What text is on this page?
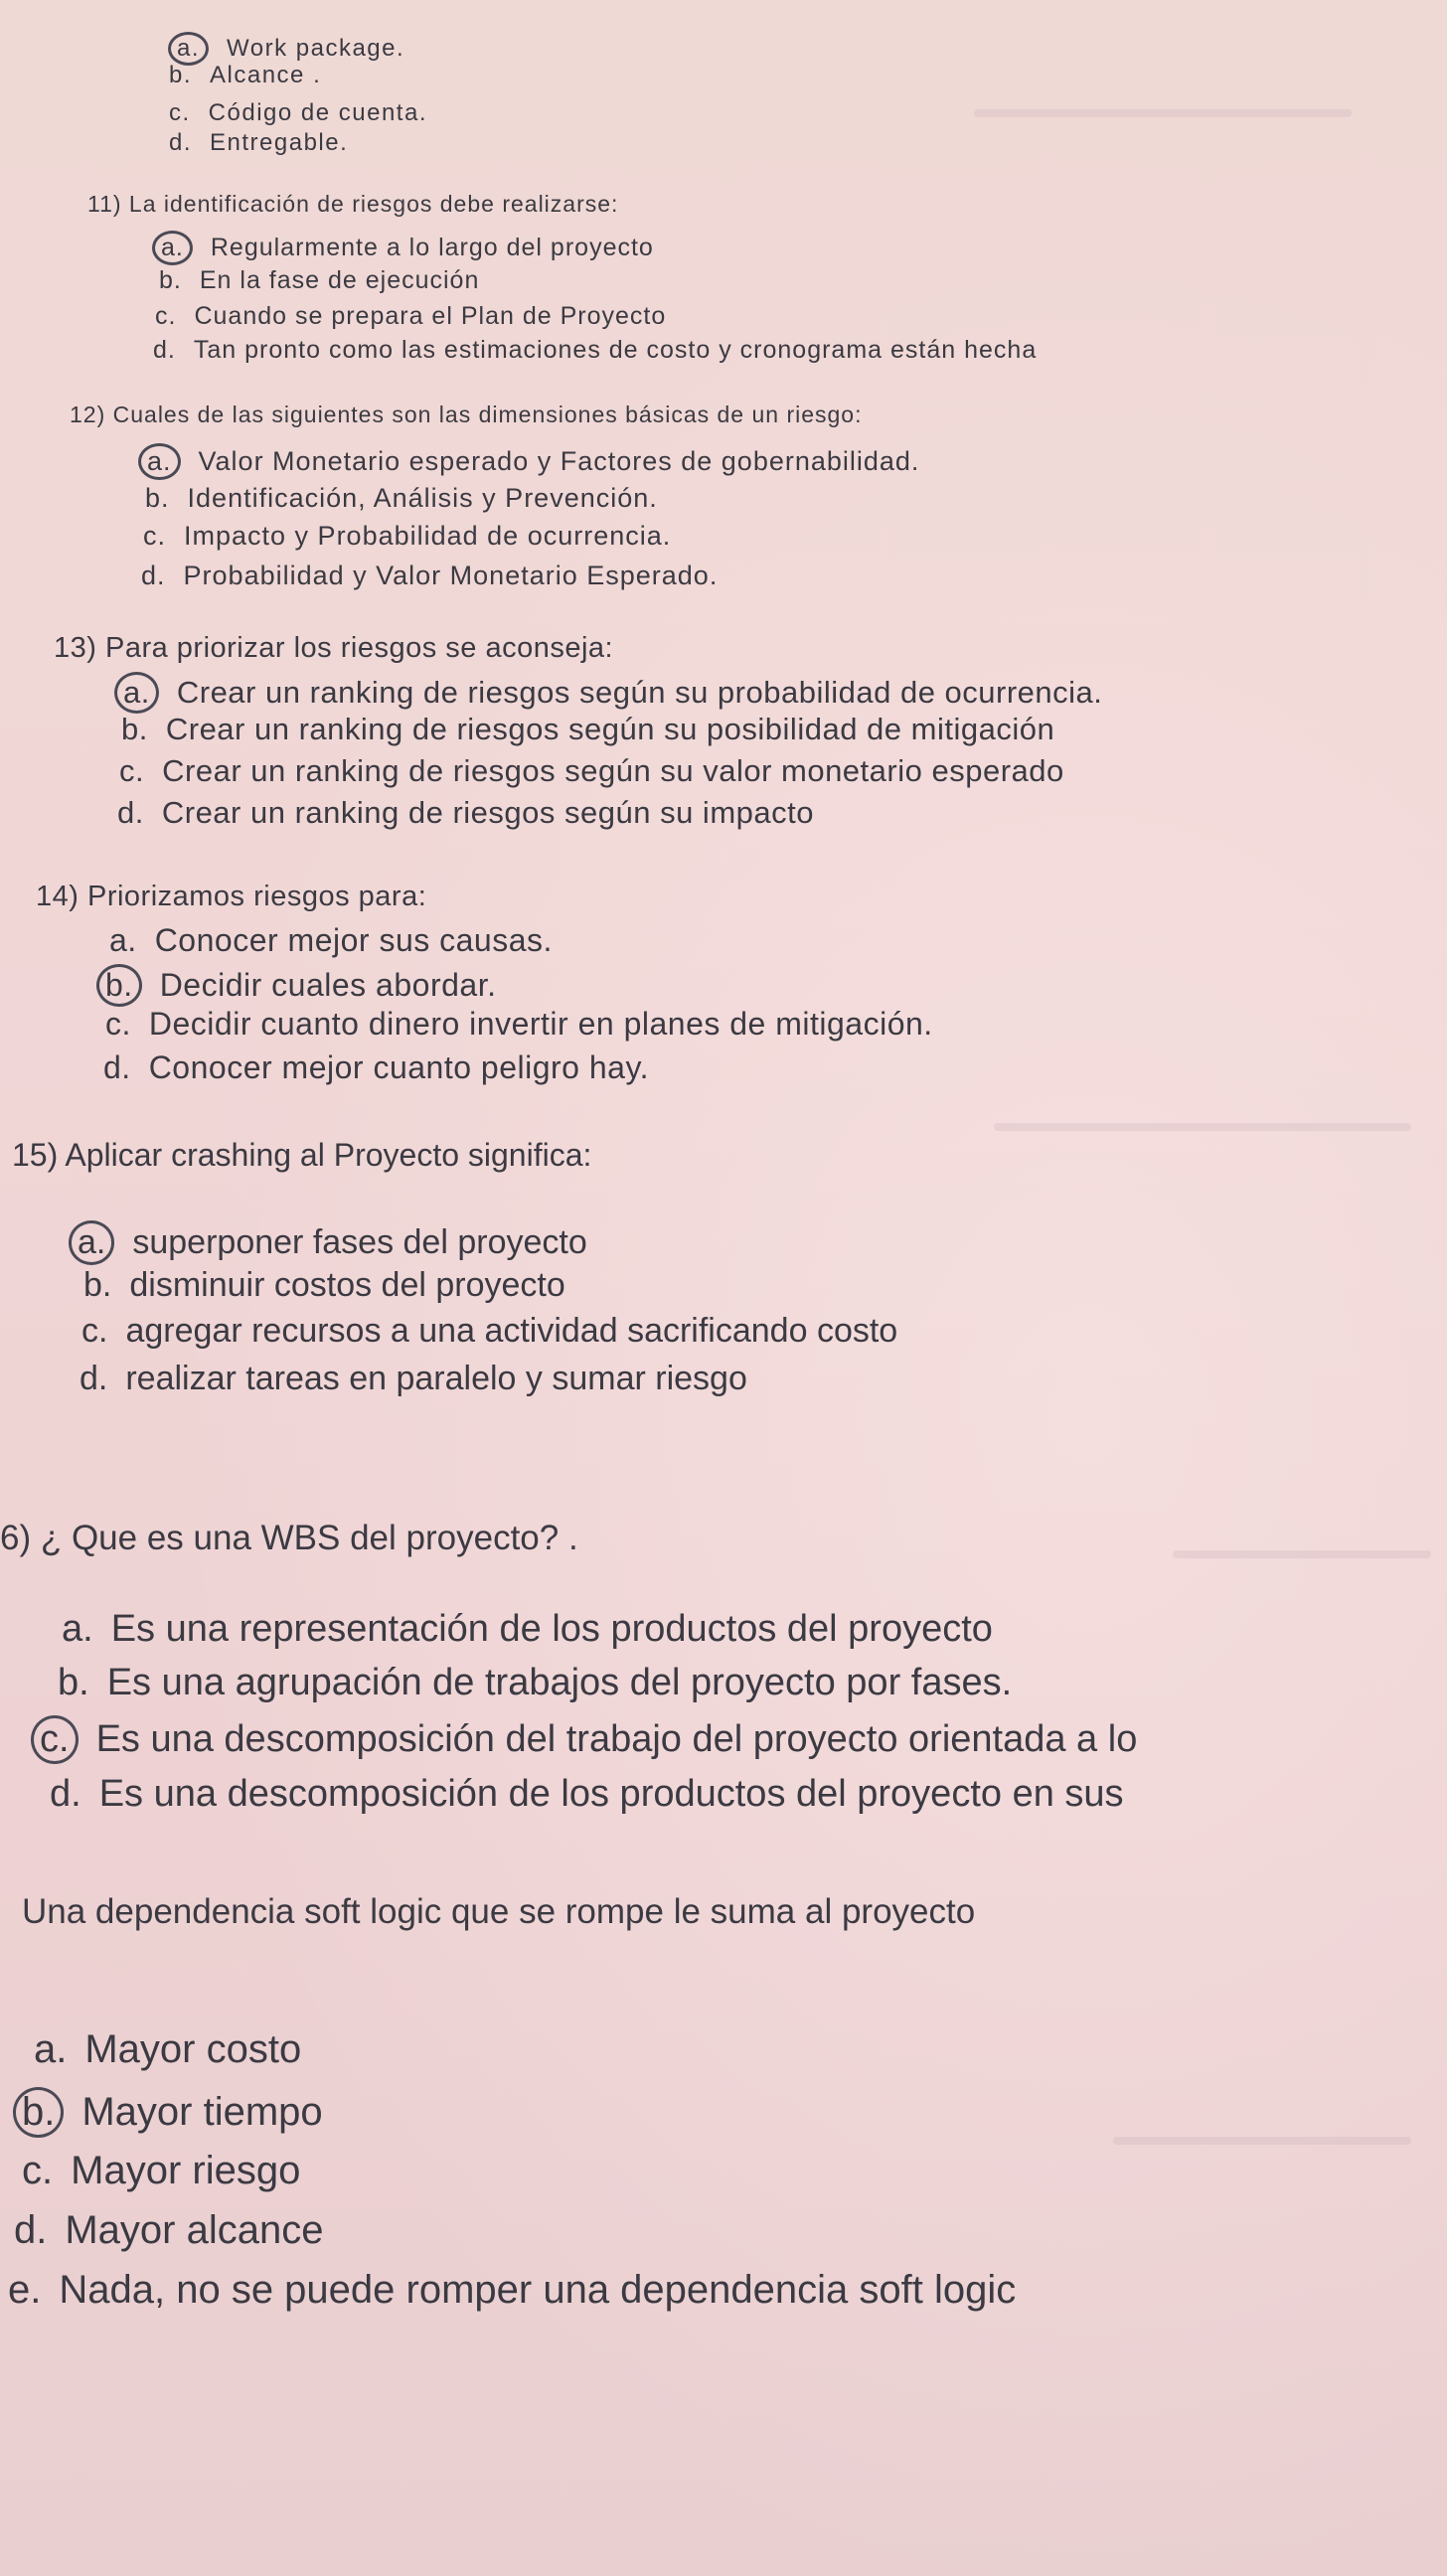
a. Work package.
b. Alcance .
c. Código de cuenta.
d. Entregable.

11) La identificación de riesgos debe realizarse:

a. Regularmente a lo largo del proyecto
b. En la fase de ejecución
c. Cuando se prepara el Plan de Proyecto
d. Tan pronto como las estimaciones de costo y cronograma están hecha

12) Cuales de las siguientes son las dimensiones básicas de un riesgo:

a. Valor Monetario esperado y Factores de gobernabilidad.
b. Identificación, Análisis y Prevención.
c. Impacto y Probabilidad de ocurrencia.
d. Probabilidad y Valor Monetario Esperado.

13) Para priorizar los riesgos se aconseja:

a. Crear un ranking de riesgos según su probabilidad de ocurrencia.
b. Crear un ranking de riesgos según su posibilidad de mitigación
c. Crear un ranking de riesgos según su valor monetario esperado
d. Crear un ranking de riesgos según su impacto

14) Priorizamos riesgos para:

a. Conocer mejor sus causas.
b. Decidir cuales abordar.
c. Decidir cuanto dinero invertir en planes de mitigación.
d. Conocer mejor cuanto peligro hay.

15) Aplicar crashing al Proyecto significa:

a. superponer fases del proyecto
b. disminuir costos del proyecto
c. agregar recursos a una actividad sacrificando costo
d. realizar tareas en paralelo y sumar riesgo

6) ¿ Que es una WBS del proyecto? .

a. Es una representación de los productos del proyecto
b. Es una agrupación de trabajos del proyecto por fases.
c. Es una descomposición del trabajo del proyecto orientada a lo
d. Es una descomposición de los productos del proyecto en sus

Una dependencia soft logic que se rompe le suma al proyecto

a. Mayor costo
b. Mayor tiempo
c. Mayor riesgo
d. Mayor alcance
e. Nada, no se puede romper una dependencia soft logic
